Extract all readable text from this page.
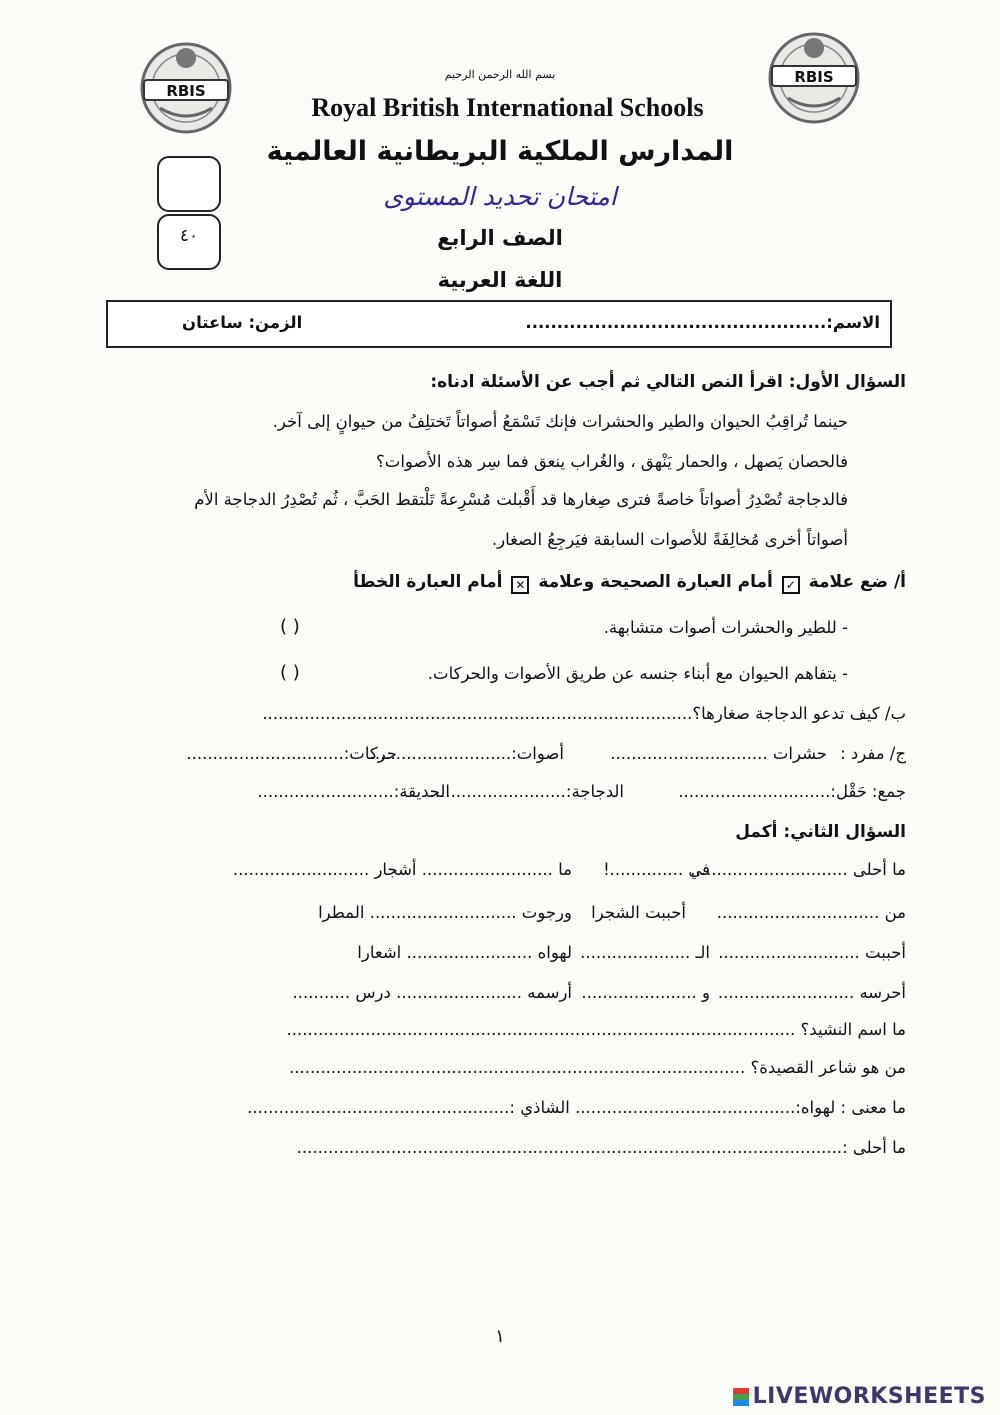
RBIS
RBIS
بسم الله الرحمن الرحيم
Royal British International Schools
المدارس الملكية البريطانية العالمية
امتحان تحديد المستوى
٤٠	الصف الرابع
اللغة العربية
الاسم:................................................
الزمن: ساعتان
السؤال الأول: اقرأ النص التالي ثم أجب عن الأسئلة ادناه:
حينما تُراقِبُ الحيوان والطير والحشرات فإنك تَسْمَعُ أصواتاً تَختلِفُ من حيوانٍ إلى آخر.
فالحصان يَصهل ، والحمار يَنْهق ، والغُراب ينعق فما سِر هذه الأصوات؟
فالدجاجة تُصْدِرُ أصواتاً خاصةً فترى صِغارها قد أَقْبلت مُسْرِعةً تَلْتقط الحَبَّ ، ثُم تُصْدِرُ الدجاجة الأم
أصواتاً أخرى مُخالِفَةً للأصوات السابقة فيَرجِعُ الصغار.
أ/ ضع علامة ✓ أمام العبارة الصحيحة وعلامة ✕ أمام العبارة الخطأ
- للطير والحشرات أصوات متشابهة.
( )
- يتفاهم الحيوان مع أبناء جنسه عن طريق الأصوات والحركات.
( )
ب/ كيف تدعو الدجاجة صغارها؟..................................................................................
ج/ مفرد :
حشرات ..............................
أصوات:...........................
حركات:..............................
جمع:
حَقْل:.............................
الدجاجة:..........................
الحديقة:..........................
السؤال الثاني: أكمل
ما أحلى ..............................
في ..............!
ما ......................... أشجار ..........................
من ...............................
أحببت الشجرا
ورجوت ............................ المطرا
أحببت ...........................
الـ .....................
لهواه ........................ اشعارا
أحرسه ..........................
و ......................
أرسمه ........................ درس ...........
ما اسم النشيد؟ .................................................................................................
من هو شاعر القصيدة؟ .......................................................................................
ما معنى : لهواه:.......................................... الشاذي :..................................................
ما أحلى :........................................................................................................
١
LIVEWORKSHEETS
